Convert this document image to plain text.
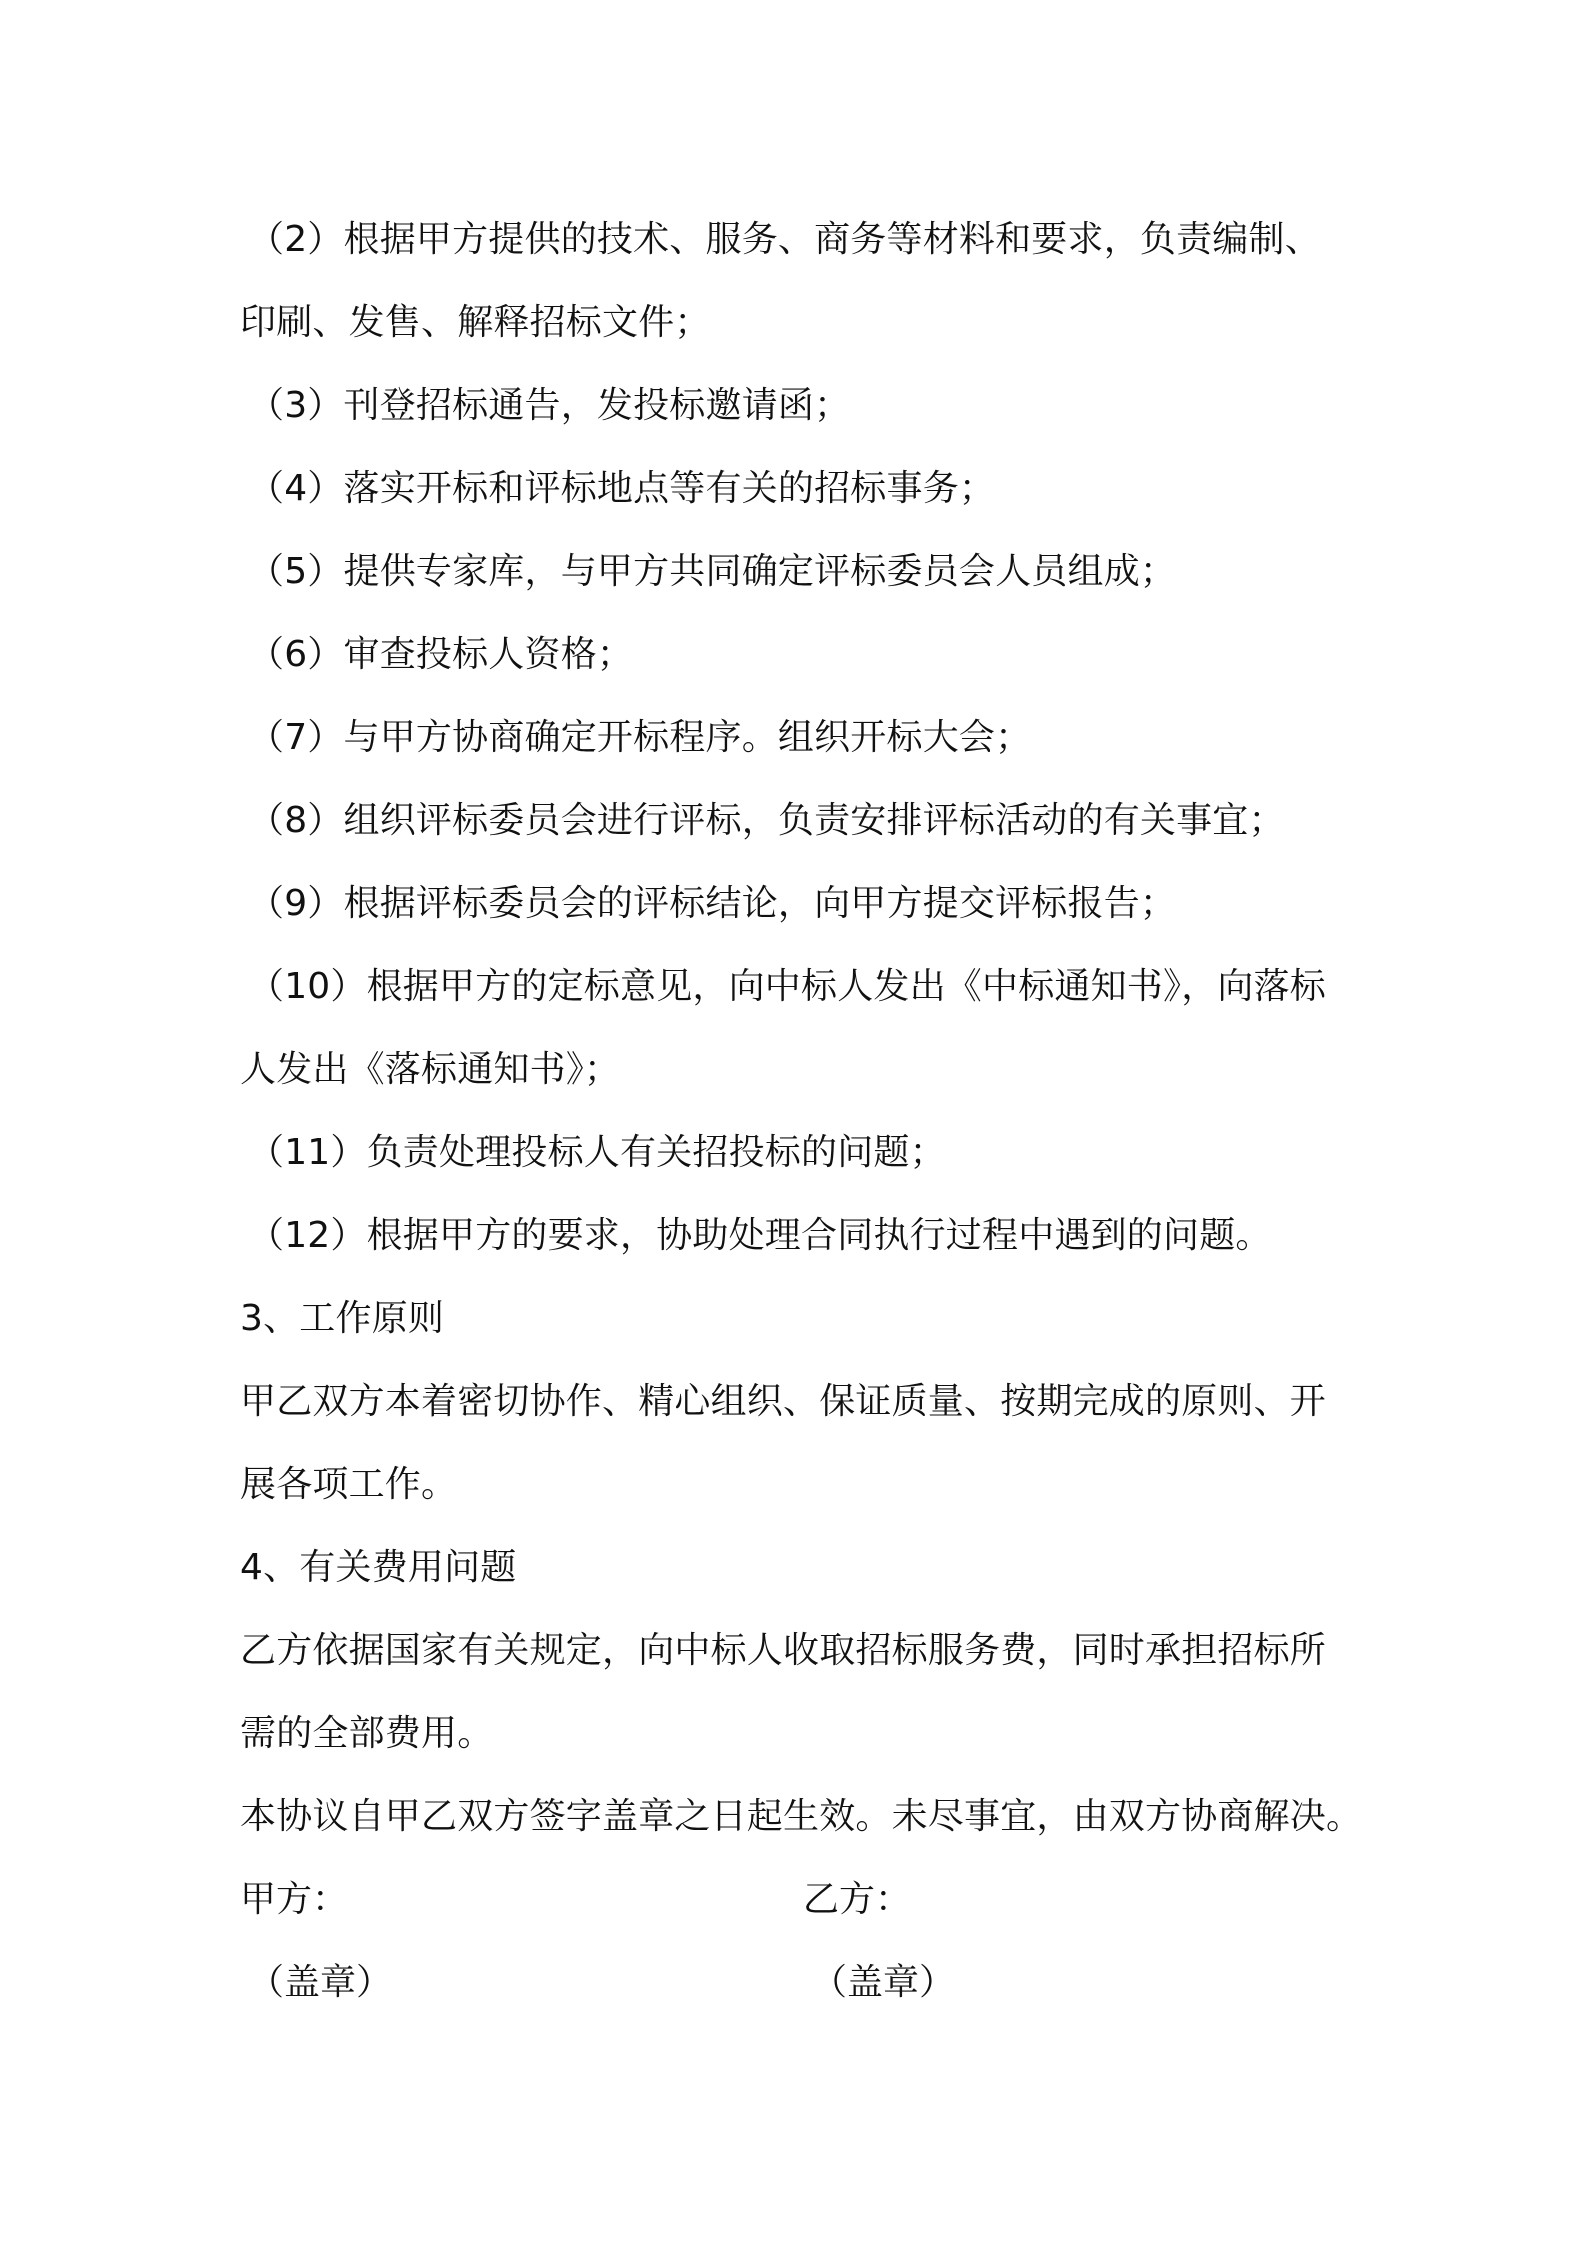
（2）根据甲方提供的技术、服务、商务等材料和要求，负责编制、
印刷、发售、解释招标文件；
（3）刊登招标通告，发投标邀请函；
（4）落实开标和评标地点等有关的招标事务；
（5）提供专家库，与甲方共同确定评标委员会人员组成；
（6）审查投标人资格；
（7）与甲方协商确定开标程序。组织开标大会；
（8）组织评标委员会进行评标，负责安排评标活动的有关事宜；
（9）根据评标委员会的评标结论，向甲方提交评标报告；
（10）根据甲方的定标意见，向中标人发出《中标通知书》，向落标
人发出《落标通知书》；
（11）负责处理投标人有关招投标的问题；
（12）根据甲方的要求，协助处理合同执行过程中遇到的问题。
3、工作原则
甲乙双方本着密切协作、精心组织、保证质量、按期完成的原则、开
展各项工作。
4、有关费用问题
乙方依据国家有关规定，向中标人收取招标服务费，同时承担招标所
需的全部费用。
本协议自甲乙双方签字盖章之日起生效。未尽事宜，由双方协商解决。
甲方：	乙方：
（盖章）	（盖章）
